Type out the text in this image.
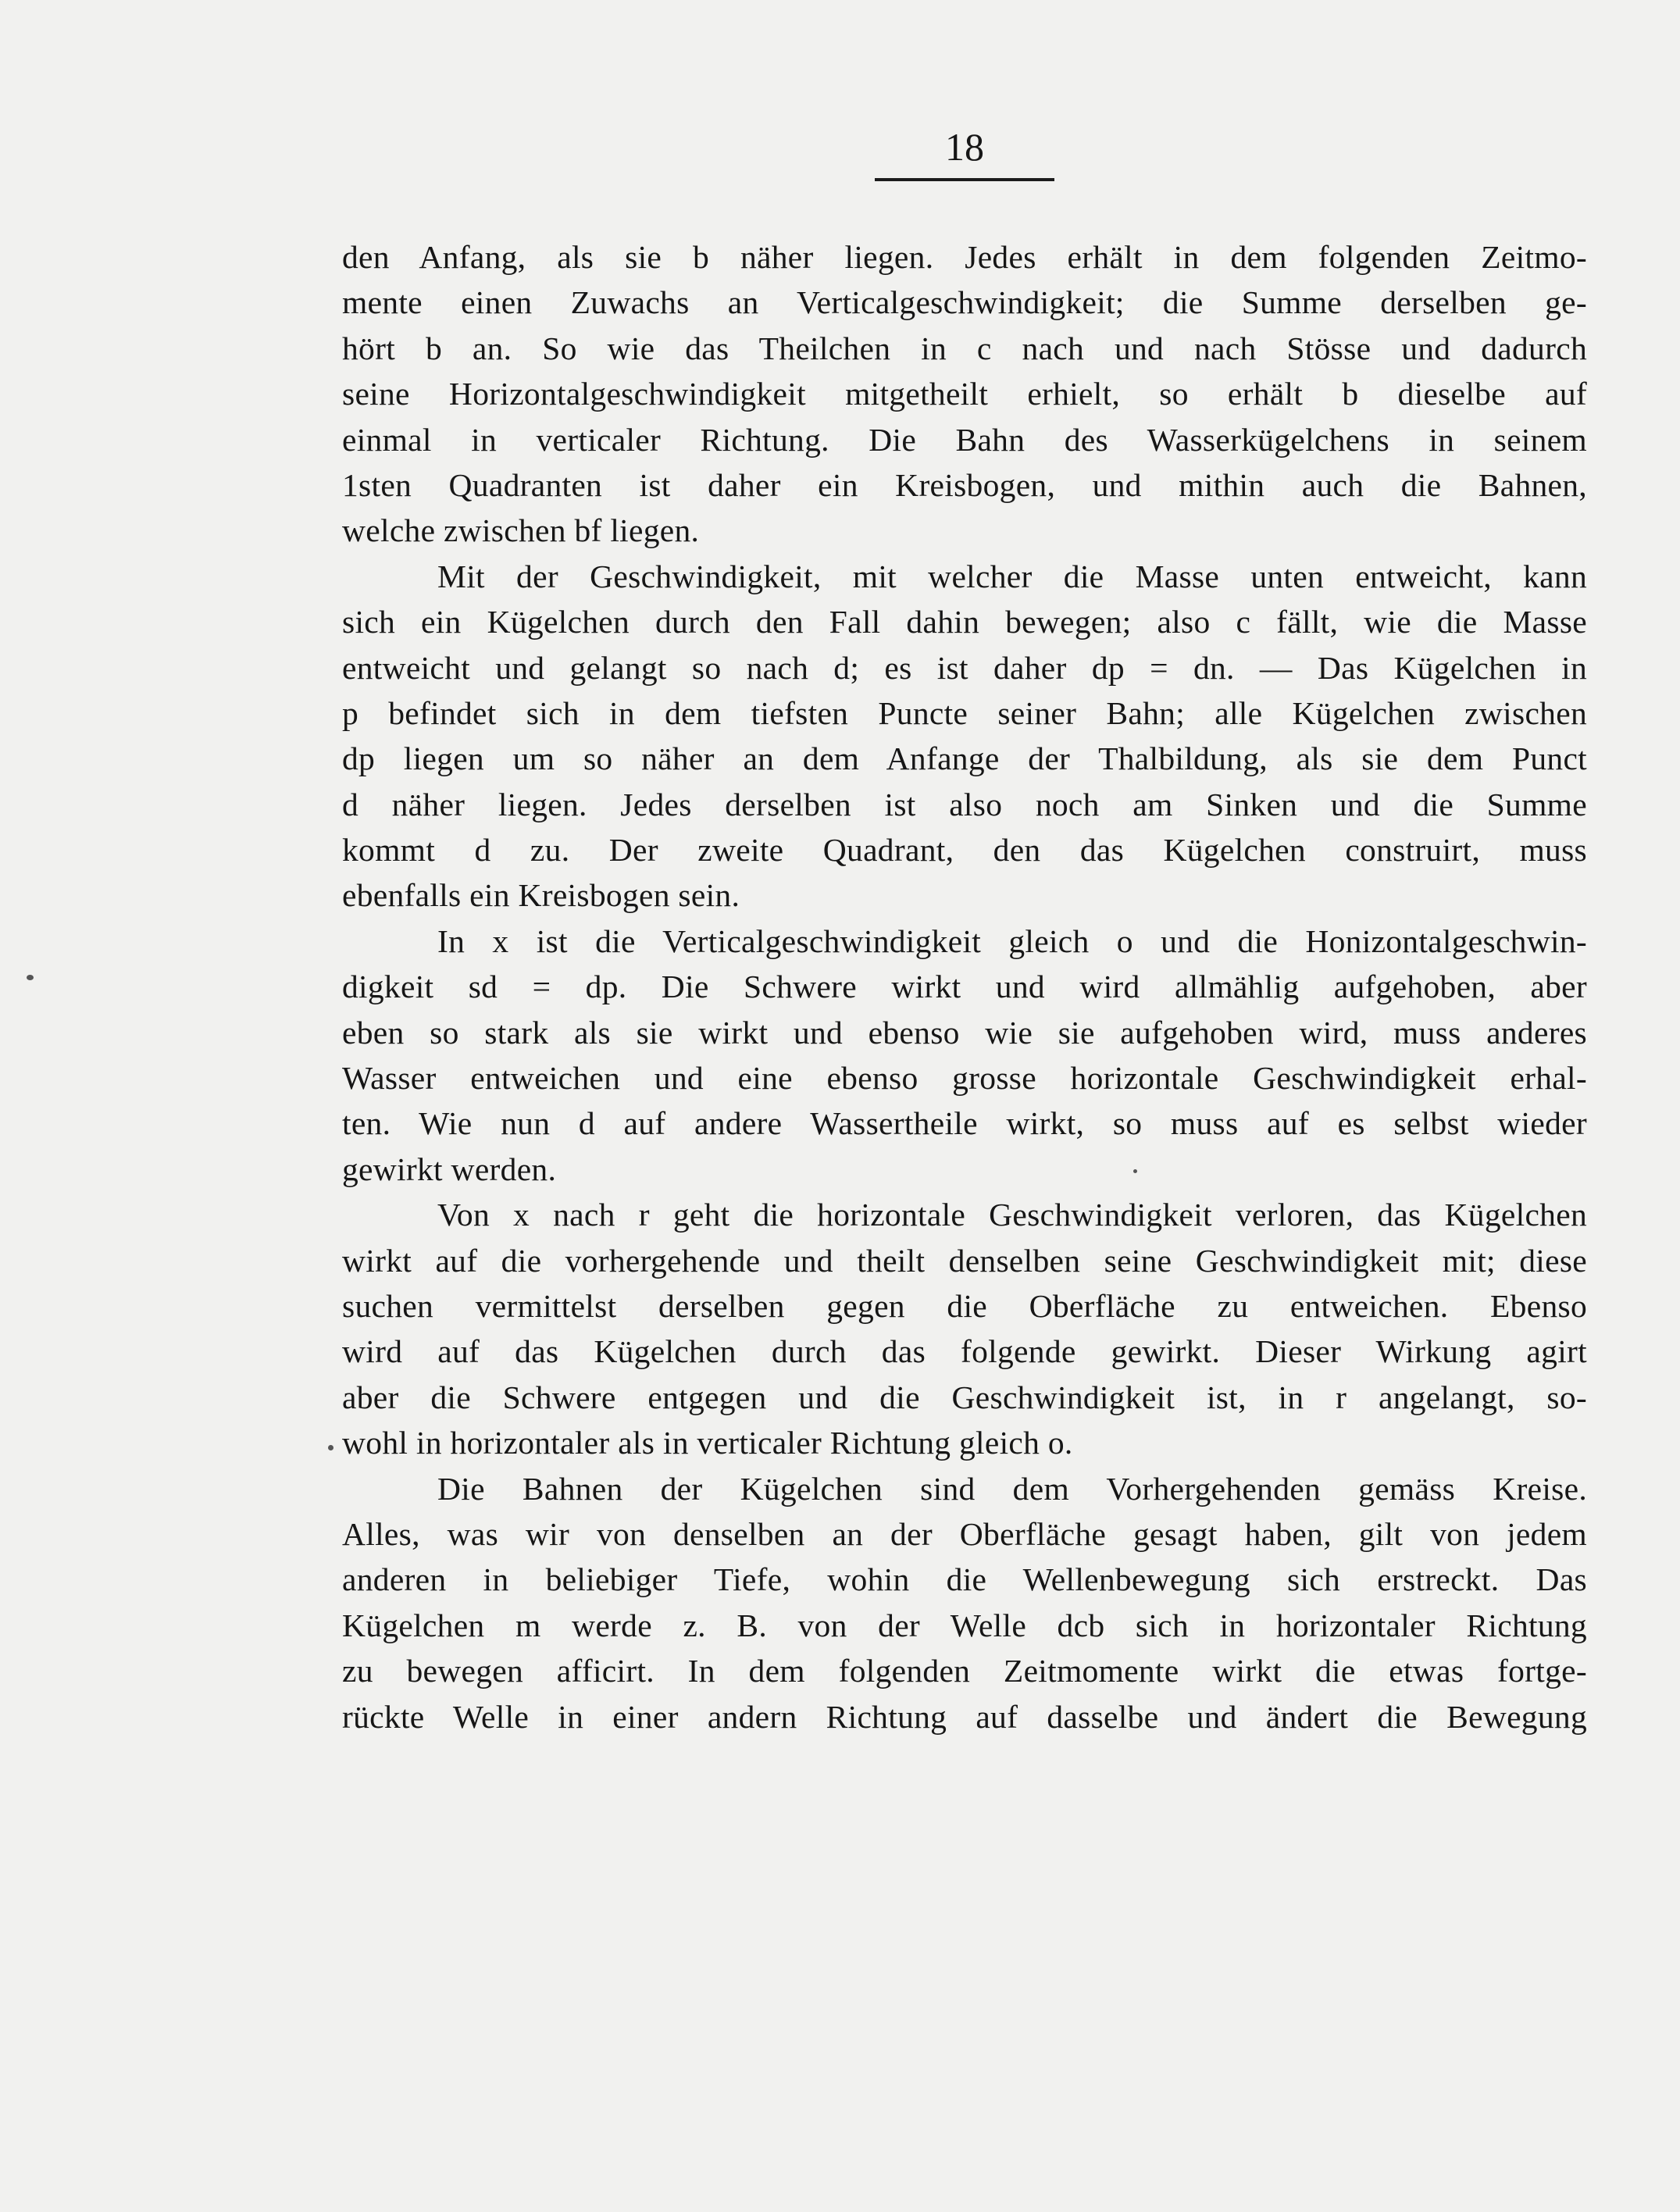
18
den Anfang, als sie b näher liegen. Jedes erhält in dem folgenden Zeitmo-
mente einen Zuwachs an Verticalgeschwindigkeit; die Summe derselben ge-
hört b an. So wie das Theilchen in c nach und nach Stösse und dadurch
seine Horizontalgeschwindigkeit mitgetheilt erhielt, so erhält b dieselbe auf
einmal in verticaler Richtung. Die Bahn des Wasserkügelchens in seinem
1sten Quadranten ist daher ein Kreisbogen, und mithin auch die Bahnen,
welche zwischen bf liegen.
Mit der Geschwindigkeit, mit welcher die Masse unten entweicht, kann
sich ein Kügelchen durch den Fall dahin bewegen; also c fällt, wie die Masse
entweicht und gelangt so nach d; es ist daher dp = dn. — Das Kügelchen in
p befindet sich in dem tiefsten Puncte seiner Bahn; alle Kügelchen zwischen
dp liegen um so näher an dem Anfange der Thalbildung, als sie dem Punct
d näher liegen. Jedes derselben ist also noch am Sinken und die Summe
kommt d zu. Der zweite Quadrant, den das Kügelchen construirt, muss
ebenfalls ein Kreisbogen sein.
In x ist die Verticalgeschwindigkeit gleich o und die Honizontalgeschwin-
digkeit sd = dp. Die Schwere wirkt und wird allmählig aufgehoben, aber
eben so stark als sie wirkt und ebenso wie sie aufgehoben wird, muss anderes
Wasser entweichen und eine ebenso grosse horizontale Geschwindigkeit erhal-
ten. Wie nun d auf andere Wassertheile wirkt, so muss auf es selbst wieder
gewirkt werden.
Von x nach r geht die horizontale Geschwindigkeit verloren, das Kügelchen
wirkt auf die vorhergehende und theilt denselben seine Geschwindigkeit mit; diese
suchen vermittelst derselben gegen die Oberfläche zu entweichen. Ebenso
wird auf das Kügelchen durch das folgende gewirkt. Dieser Wirkung agirt
aber die Schwere entgegen und die Geschwindigkeit ist, in r angelangt, so-
wohl in horizontaler als in verticaler Richtung gleich o.
Die Bahnen der Kügelchen sind dem Vorhergehenden gemäss Kreise.
Alles, was wir von denselben an der Oberfläche gesagt haben, gilt von jedem
anderen in beliebiger Tiefe, wohin die Wellenbewegung sich erstreckt. Das
Kügelchen m werde z. B. von der Welle dcb sich in horizontaler Richtung
zu bewegen afficirt. In dem folgenden Zeitmomente wirkt die etwas fortge-
rückte Welle in einer andern Richtung auf dasselbe und ändert die Bewegung
